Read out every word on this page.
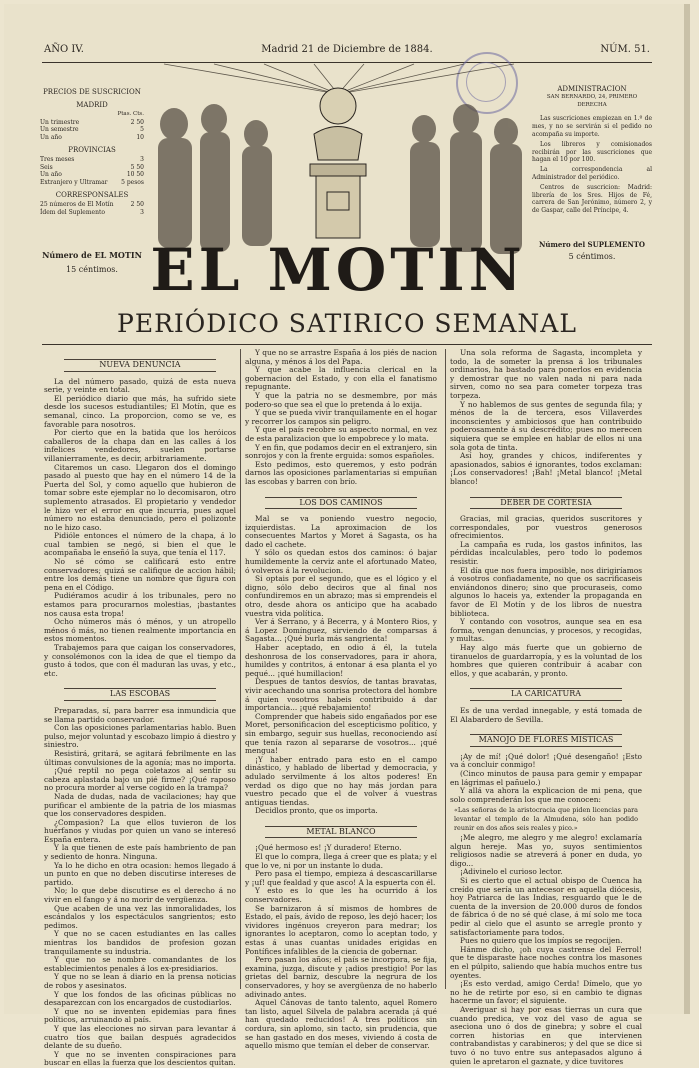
AÑO IV.	Madrid 21 de Diciembre de 1884.	NÚM. 51.
PRECIOS DE SUSCRICION
MADRID
Ptas. Cts.
Un trimestre	2 50
Un semestre	5
Un año	10
PROVINCIAS
Tres meses	3
Seis	5 50
Un año	10 50
Extranjero y Ultramar 5 pesos
CORRESPONSALES
25 números de El Motín	2 50
Ídem del Suplemento	3
Número de EL MOTIN
15 céntimos. EL MOTIN
ADMINISTRACION
SAN BERNARDO, 24, PRIMERO DERECHA

Las suscriciones empiezan en 1.º de mes, y no se servirán si el pedido no acompaña su importe.

Los libreros y comisionados recibirán por las suscriciones que hagan el 10 por 100.

La correspondencia al Administrador del periódico.

Centros de suscricion: Madrid: librería de los Sres. Hijos de Fé, carrera de San Jerónimo, número 2, y de Gaspar, calle del Príncipe, 4.

Número del SUPLEMENTO
5 céntimos.
PERIÓDICO SATIRICO SEMANAL
NUEVA DENUNCIA

La del número pasado, quizá de esta nueva serie, y veinte en total.

El periódico diario que más, ha sufrido siete desde los sucesos estudiantiles; El Motín, que es semanal, cinco. La proporcion, como se ve, es favorable para nosotros.

Por cierto que en la batida que los heróicos caballeros de la chapa dan en las calles á los infelices vendedores, suelen portarse villanierramente, es decir, arbitrariamente.

Citaremos un caso. Llegaron dos el domingo pasado al puesto que hay en el número 14 de la Puerta del Sol, y como aquello que hubieron de tomar sobre este ejemplar no lo decomisaron, otro suplemento atrasados. El propietario y vendedor le hizo ver el error en que incurria, pues aquel número no estaba denunciado, pero el polizonte no le hizo caso.

Pidióle entonces el número de la chapa, á lo cual tambien se negó, si bien el que le acompañaba le enseñó la suya, que tenía el 117.

No sé cómo se calificará esto entre conservadores; quizá se califique de accion hábil; entre los demás tiene un nombre que figura con pena en el Código.

Pudiéramos acudir á los tribunales, pero no estamos para procurarnos molestias, ¡bastantes nos causa esta tropa!

Ocho números más ó ménos, y un atropello ménos ó más, no tienen realmente importancia en estos momentos.

Trabajemos para que caigan los conservadores, y consolémonos con la idea de que el tiempo da gusto á todos, que con él maduran las uvas, y etc., etc.

LAS ESCOBAS

Preparadas, sí, para barrer esa inmundicia que se llama partido conservador.

Con las oposiciones parlamentarias hablo. Buen pulso, mejor voluntad y escobazo limpio á diestro y siniestro.

Resistirá, gritará, se agitará febrilmente en las últimas convulsiones de la agonía; mas no importa.

¡Qué reptil no pega coletazos al sentir su cabeza aplastada bajo un pié firme? ¡Qué raposo no procura morder al verse cogido en la trampa?

Nada de dudas, nada de vacilaciones; hay que purificar el ambiente de la patria de los miasmas que los conservadores despiden.

¿Compasion? La que ellos tuvieron de los huérfanos y viudas por quien un vano se interesó España entera.

Y la que tienen de este país hambriento de pan y sediento de honra. Ninguna.

Ya lo he dicho en otra ocasion: hemos llegado á un punto en que no deben discutirse intereses de partido.

No; lo que debe discutirse es el derecho á no vivir en el fango y á no morir de vergüenza.

Que acaben de una vez las inmoralidades, los escándalos y los espectáculos sangrientos; esto pedimos.

Y que no se cacen estudiantes en las calles mientras los bandidos de profesion gozan tranquilamente su industria.

Y que no se nombre comandantes de los establecimientos penales á los ex-presidiarios.

Y que no se lean á diario en la prensa noticias de robos y asesinatos.

Y que los fondos de las oficinas públicas no desaparezcan con los encargados de custodiarlos.

Y que no se inventen epidemias para fines políticos, arruinando al país.

Y que las elecciones no sirvan para levantar á cuatro tíos que bailan después agradecidos delante de su dueño.

Y que no se inventen conspiraciones para buscar en ellas la fuerza que los descientos quitan.

Y que no se arrastre España á los piés de nacion alguna, y ménos á los del Papa.

Y que acabe la influencia clerical en la gobernacion del Estado, y con ella el fanatismo repugnante.

Y que la patria no se desmembre, por más podero-so que sea el que lo pretenda á lo exija.

Y que se pueda vivir tranquilamente en el hogar y recorrer los campos sin peligro.

Y que el país recobre su aspecto normal, en vez de esta paralizacion que lo empobrece y lo mata.

Y en fin, que podamos decir en el extranjero, sin sonrojos y con la frente erguida: somos españoles.

Esto pedimos, esto queremos, y esto podrán darnos las oposiciones parlamentarias si empuñan las escobas y barren con brío.

LOS DOS CAMINOS

Mal se va poniendo vuestro negocio, izquierdistas. La aproximacion de los consecuentes Martos y Moret á Sagasta, os ha dado el cachete.

Y sólo os quedan estos dos caminos: ó bajar humildemente la cerviz ante el afortunado Mateo, ó volveros á la revolucion.

Si optais por el segundo, que es el lógico y el digno, sólo debo deciros que al final nos confundiremos en un abrazo; mas si emprendeis el otro, desde ahora os anticipo que ha acabado vuestra vida política.

Ver á Serrano, y á Becerra, y á Montero Rios, y á Lopez Domínguez, sirviendo de comparsas á Sagasta... ¡Qué burla más sangrienta!

Haber aceptado, en odio á él, la tutela deshonrosa de los conservadores, para ir ahora, humildes y contritos, á entonar á esa planta el yo pequé... ¡qué humillacion!

Despues de tantos desvíos, de tantas bravatas, vivir acechando una sonrisa protectora del hombre á quien vosotros habeis contribuido á dar importancia... ¡qué rebajamiento!

Comprender que habeis sido engañados por ese Moret, personificacion del escepticismo político, y sin embargo, seguir sus huellas, reconociendo así que tenía razon al separarse de vosotros... ¡qué mengua!

¡Y haber entrado para esto en el campo dinástico, y hablado de libertad y democracia, y adulado servilmente á los altos poderes! En verdad os digo que no hay más jordan para vuestro pecado que el de volver á vuestras antiguas tiendas.

Decidlos pronto, que os importa.

METAL BLANCO

¡Qué hermoso es! ¡Y duradero! Eterno.

El que lo compra, llega á creer que es plata; y el que lo ve, ni por un instante lo duda.

Pero pasa el tiempo, empieza á descascarillarse y ¡uf! que fealdad y que asco! A la espuerta con él.

Y esto es lo que les ha ocurrido á los conservadores.

Se barnizaron á sí mismos de hombres de Estado, el país, ávido de reposo, les dejó hacer; los vividores ingénuos creyeron para medrar; los ignorantes lo aceptaron, como lo aceptan todo, y estas á unas cuantas unidades erigidas en Pontífices infalibles de la ciencia de gobernar.

Pero pasan los años; el país se incorpora, se fija, examina, juzga, discute y ¡adios prestigio! Por las grietas del barniz, descubre la negrura de los conservadores, y hoy se avergüenza de no haberlo adivinado antes.

Aquel Cánovas de tanto talento, aquel Romero tan listo, aquel Silvela de palabra acerada ¡á qué han quedado reducidos! A tres políticos sin cordura, sin aplomo, sin tacto, sin prudencia, que se han gastado en dos meses, viviendo á costa de aquello mismo que temían el deber de conservar.

Una sola reforma de Sagasta, incompleta y todo, la de someter la prensa á los tribunales ordinarios, ha bastado para ponerlos en evidencia y demostrar que no valen nada ni para nada sirven, como no sea para cometer torpeza tras torpeza.

Y no hablemos de sus gentes de segunda fila; y ménos de la de tercera, esos Villaverdes inconscientes y ambiciosos que han contribuido poderosamente á su descrédito; pues no merecen siquiera que se emplee en hablar de ellos ni una sola gota de tinta.

Así hoy, grandes y chicos, indiferentes y apasionados, sabios é ignorantes, todos exclaman: ¡Los conservadores! ¡Bah! ¡Metal blanco! ¡Metal blanco!

DEBER DE CORTESIA

Gracias, mil gracias, queridos suscritores y correspondales, por vuestros generosos ofrecimientos.

La campaña es ruda, los gastos infinitos, las pérdidas incalculables, pero todo lo podemos resistir.

El día que nos fuera imposible, nos dirigiríamos á vosotros confiadamente, no que os sacrificaseis enviándonos dinero; sino que procuraseis, como algunos lo haceis ya, extender la propaganda en favor de El Motín y de los libros de nuestra biblioteca.

Y contando con vosotros, aunque sea en esa forma, vengan denuncias, y procesos, y recogidas, y multas.

Hay algo más fuerte que un gobierno de tiranuelos de guardarropía, y es la voluntad de los hombres que quieren contribuir á acabar con ellos, y que acabarán, y pronto.

LA CARICATURA

Es de una verdad innegable, y está tomada de El Alabardero de Sevilla.

MANOJO DE FLORES MISTICAS

¡Ay de mí! ¡Qué dolor! ¡Qué desengaño! ¡Esto va á concluir conmigo!

(Cinco minutos de pausa para gemir y empapar en lágrimas el pañuelo.)

Y allá va ahora la explicacion de mi pena, que solo comprenderán los que me conocen:

«Las señoras de la aristocracia que piden licencias para levantar el templo de la Almudena, sólo han podido reunir en dos años seis reales y pico.»

¡Me alegro, me alegro y me alegro! exclamaría algun hereje. Mas yo, suyos sentimientos religiosos nadie se atreverá á poner en duda, yo digo...

¡Adivinelo el curioso lector.

Si es cierto que el actual obispo de Cuenca ha creído que sería un antecesor en aquella diócesis, hoy Patriarca de las Indias, resguardo que le de cuenta de la inversion de 20.000 duros de fondos de fábrica ó de no sé qué clase, á mí solo me toca pedir al cielo que el asunto se arregle pronto y satisfactoriamente para todos.

Pues no quiero que los impíos se regocijen.

Hánme dicho, ¡oh cuya castrense del Ferrol! que te disparaste hace noches contra los masones en el púlpito, saliendo que había muchos entre tus oyentes.

¡Es esto verdad, amigo Cerda! Dímelo, que yo no he de retirte por eso, si en cambio te dignas hacerme un favor; el siguiente.

Averiguar si hay por esas tierras un cura que cuando predica, ve voz del vaso de agua se aseciona uno ó dos de ginebra; y sobre el cual corren historias en que intervienen contrabandistas y carabineros; y del que se dice si tuvo ó no tuvo entre sus antepasados alguno á quien le apretaron el gaznate, y dice tuvitores
